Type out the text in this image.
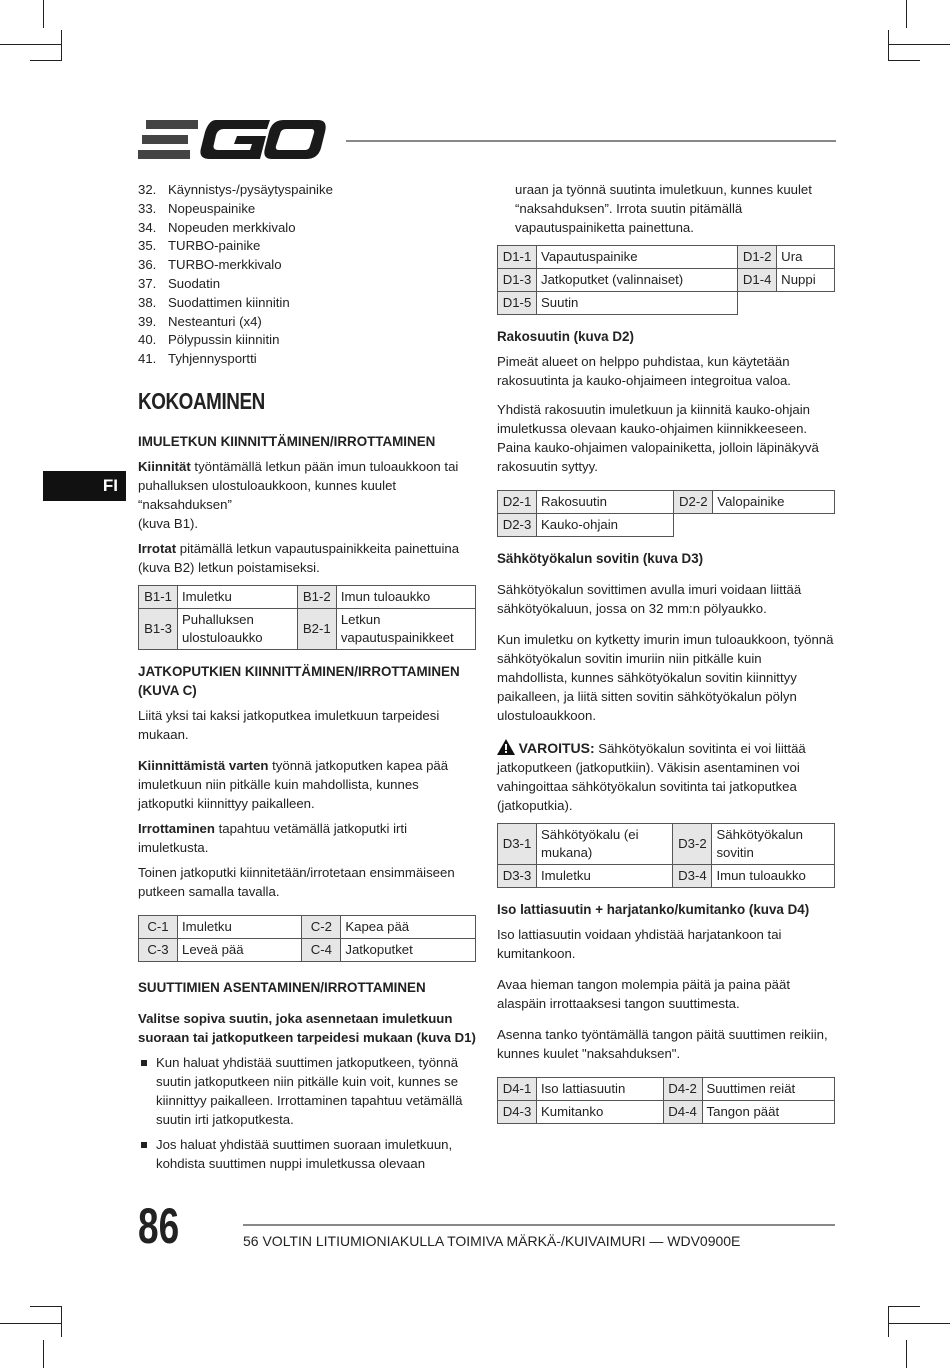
FI
32. Käynnistys-/pysäytyspainike
33. Nopeuspainike
34. Nopeuden merkkivalo
35. TURBO-painike
36. TURBO-merkkivalo
37. Suodatin
38. Suodattimen kiinnitin
39. Nesteanturi (x4)
40. Pölypussin kiinnitin
41. Tyhjennysportti
KOKOAMINEN
IMULETKUN KIINNITTÄMINEN/IRROTTAMINEN

Kiinnität työntämällä letkun pään imun tuloaukkoon tai puhalluksen ulostuloaukkoon, kunnes kuulet “naksahduksen”
(kuva B1).

Irrotat pitämällä letkun vapautuspainikkeita painettuina (kuva B2) letkun poistamiseksi.

B1-1	Imuletku	B1-2	Imun tuloaukko
B1-3	Puhalluksen ulostuloaukko	B2-1	Letkun vapautuspainikkeet
JATKOPUTKIEN KIINNITTÄMINEN/IRROTTAMINEN (KUVA C)

Liitä yksi tai kaksi jatkoputkea imuletkuun tarpeidesi mukaan.

Kiinnittämistä varten työnnä jatkoputken kapea pää imuletkuun niin pitkälle kuin mahdollista, kunnes jatkoputki kiinnittyy paikalleen.

Irrottaminen tapahtuu vetämällä jatkoputki irti imuletkusta.

Toinen jatkoputki kiinnitetään/irrotetaan ensimmäiseen putkeen samalla tavalla.

C-1	Imuletku	C-2	Kapea pää
C-3	Leveä pää	C-4	Jatkoputket
SUUTTIMIEN ASENTAMINEN/IRROTTAMINEN

Valitse sopiva suutin, joka asennetaan imuletkuun suoraan tai jatkoputkeen tarpeidesi mukaan (kuva D1)

Kun haluat yhdistää suuttimen jatkoputkeen, työnnä suutin jatkoputkeen niin pitkälle kuin voit, kunnes se kiinnittyy paikalleen. Irrottaminen tapahtuu vetämällä suutin irti jatkoputkesta.
Jos haluat yhdistää suuttimen suoraan imuletkuun, kohdista suuttimen nuppi imuletkussa olevaan

uraan ja työnnä suutinta imuletkuun, kunnes kuulet “naksahduksen”. Irrota suutin pitämällä vapautuspainiketta painettuna.

D1-1	Vapautuspainike	D1-2	Ura
D1-3	Jatkoputket (valinnaiset)	D1-4	Nuppi
D1-5	Suutin		
Rakosuutin (kuva D2)

Pimeät alueet on helppo puhdistaa, kun käytetään rakosuutinta ja kauko-ohjaimeen integroitua valoa.

Yhdistä rakosuutin imuletkuun ja kiinnitä kauko-ohjain imuletkussa olevaan kauko-ohjaimen kiinnikkeeseen. Paina kauko-ohjaimen valopainiketta, jolloin läpinäkyvä rakosuutin syttyy.

D2-1	Rakosuutin	D2-2	Valopainike
D2-3	Kauko-ohjain		
Sähkötyökalun sovitin (kuva D3)

Sähkötyökalun sovittimen avulla imuri voidaan liittää sähkötyökaluun, jossa on 32 mm:n pölyaukko.

Kun imuletku on kytketty imurin imun tuloaukkoon, työnnä sähkötyökalun sovitin imuriin niin pitkälle kuin mahdollista, kunnes sähkötyökalun sovitin kiinnittyy paikalleen, ja liitä sitten sovitin sähkötyökalun pölyn ulostuloaukkoon.

VAROITUS: Sähkötyökalun sovitinta ei voi liittää jatkoputkeen (jatkoputkiin). Väkisin asentaminen voi vahingoittaa sähkötyökalun sovitinta tai jatkoputkea (jatkoputkia).

D3-1	Sähkötyökalu (ei mukana)	D3-2	Sähkötyökalun sovitin
D3-3	Imuletku	D3-4	Imun tuloaukko
Iso lattiasuutin + harjatanko/kumitanko (kuva D4)

Iso lattiasuutin voidaan yhdistää harjatankoon tai kumitankoon.

Avaa hieman tangon molempia päitä ja paina päät alaspäin irrottaaksesi tangon suuttimesta.

Asenna tanko työntämällä tangon päitä suuttimen reikiin, kunnes kuulet "naksahduksen".

D4-1	Iso lattiasuutin	D4-2	Suuttimen reiät
D4-3	Kumitanko	D4-4	Tangon päät
86	56 VOLTIN LITIUMIONIAKULLA TOIMIVA MÄRKÄ-/KUIVAIMURI — WDV0900E
